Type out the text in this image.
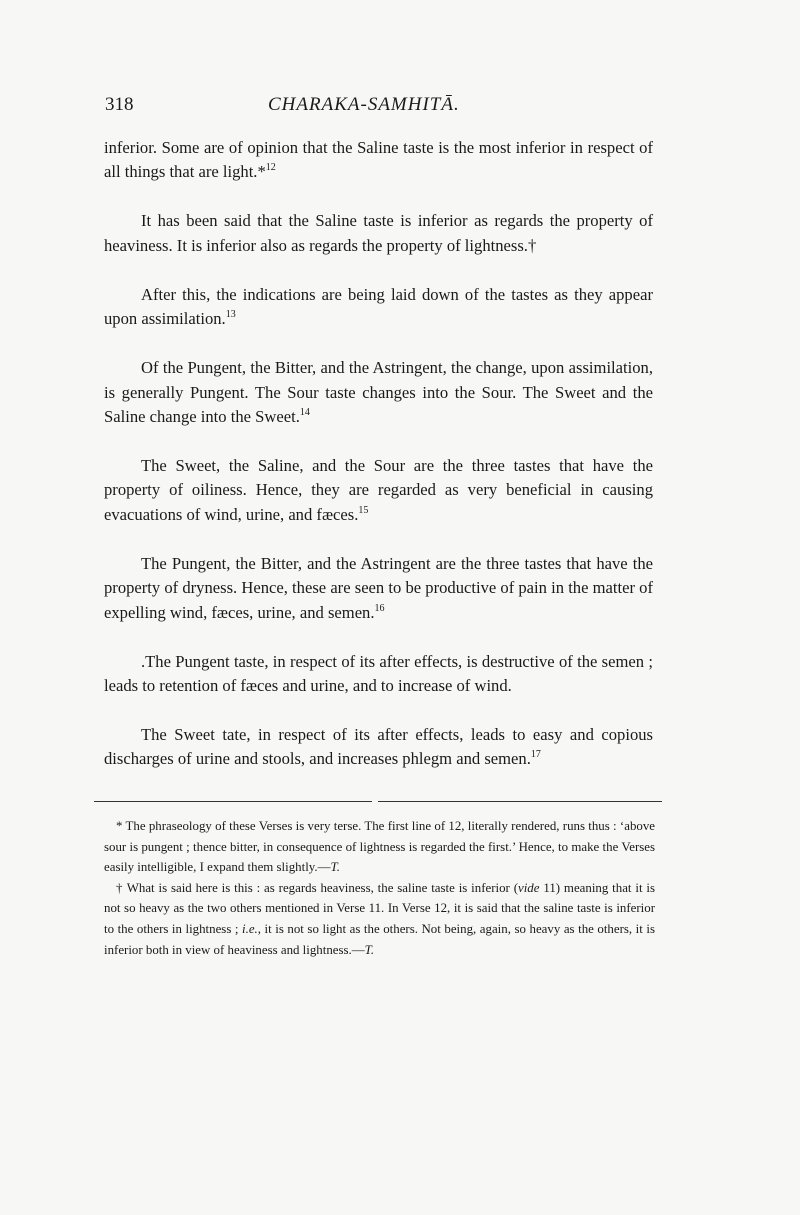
318	CHARAKA-SAMHITĀ.

inferior. Some are of opinion that the Saline taste is the most inferior in respect of all things that are light.*$^{12}$

It has been said that the Saline taste is inferior as regards the property of heaviness. It is inferior also as regards the property of lightness.†

After this, the indications are being laid down of the tastes as they appear upon assimilation.$^{13}$

Of the Pungent, the Bitter, and the Astringent, the change, upon assimilation, is generally Pungent. The Sour taste changes into the Sour. The Sweet and the Saline change into the Sweet.$^{14}$

The Sweet, the Saline, and the Sour are the three tastes that have the property of oiliness. Hence, they are regarded as very beneficial in causing evacuations of wind, urine, and fæces.$^{15}$

The Pungent, the Bitter, and the Astringent are the three tastes that have the property of dryness. Hence, these are seen to be productive of pain in the matter of expelling wind, fæces, urine, and semen.$^{16}$

.The Pungent taste, in respect of its after effects, is destructive of the semen ; leads to retention of fæces and urine, and to increase of wind.

The Sweet tate, in respect of its after effects, leads to easy and copious discharges of urine and stools, and increases phlegm and semen.$^{17}$

* The phraseology of these Verses is very terse. The first line of 12, literally rendered, runs thus : ‘above sour is pungent ; thence bitter, in consequence of lightness is regarded the first.’ Hence, to make the Verses easily intelligible, I expand them slightly.—T.

† What is said here is this : as regards heaviness, the saline taste is inferior (vide 11) meaning that it is not so heavy as the two others mentioned in Verse 11. In Verse 12, it is said that the saline taste is inferior to the others in lightness ; i.e., it is not so light as the others. Not being, again, so heavy as the others, it is inferior both in view of heaviness and lightness.—T.
